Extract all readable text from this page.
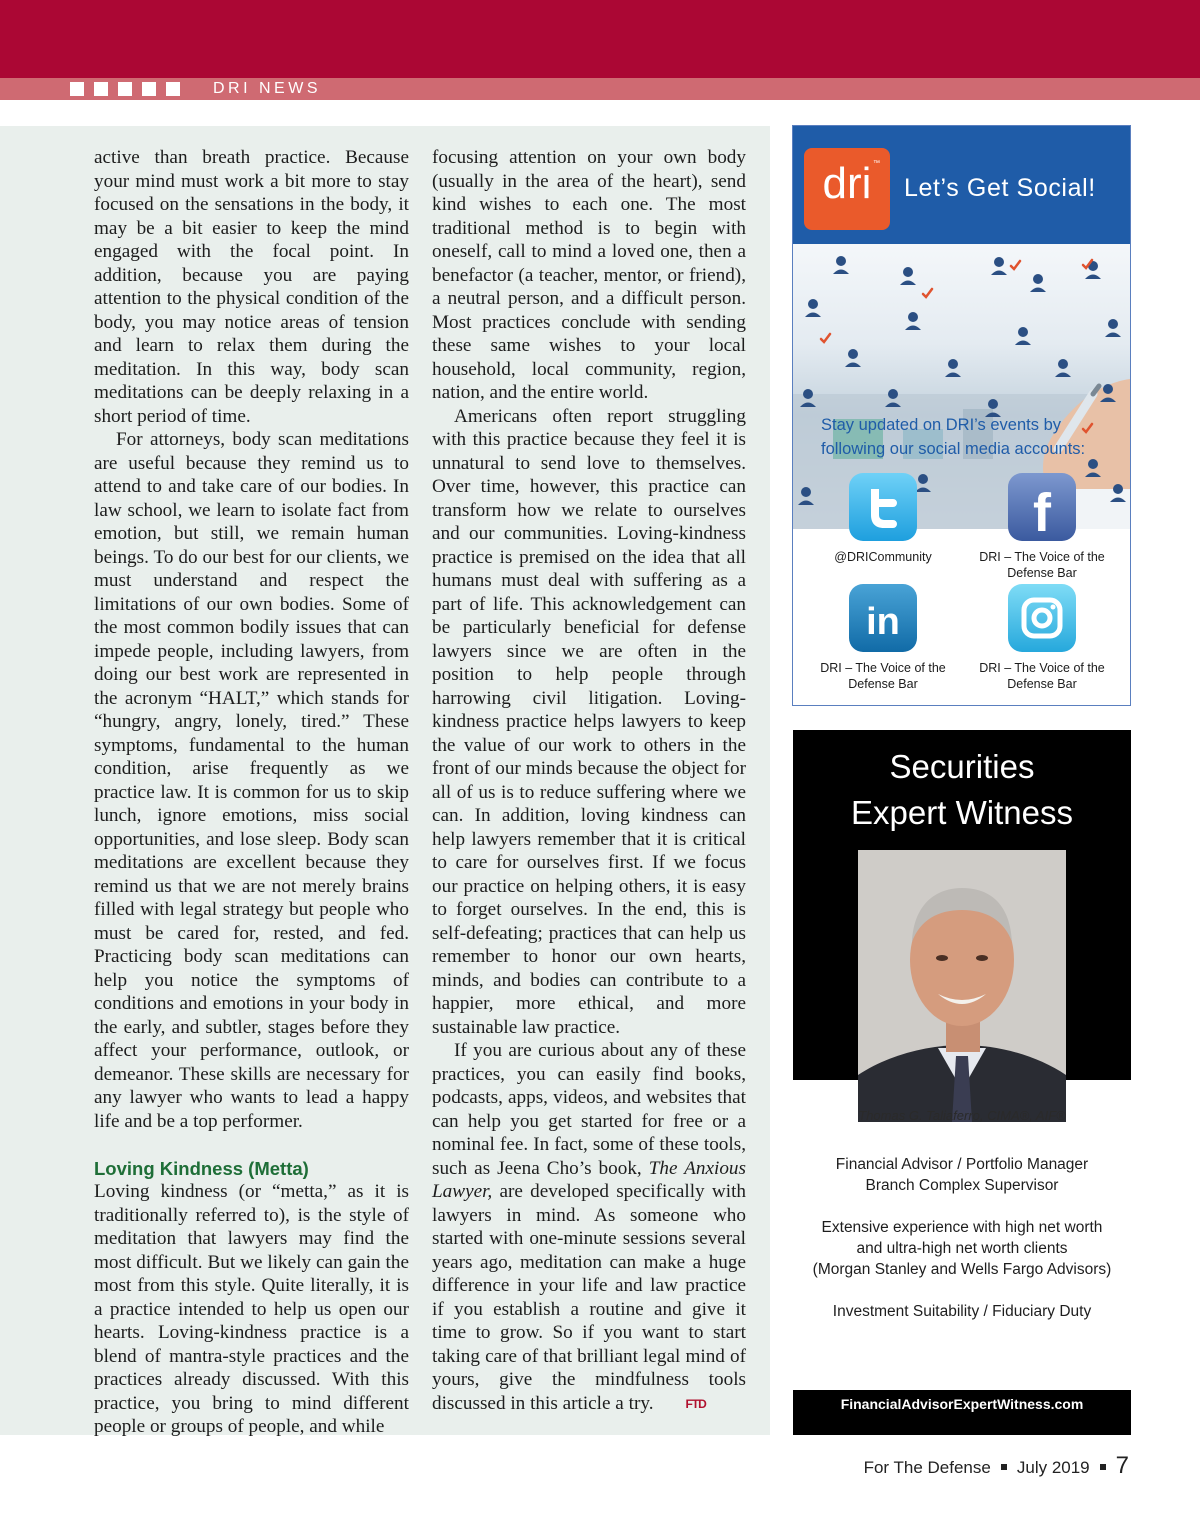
DRI NEWS

active than breath practice. Because your mind must work a bit more to stay focused on the sensations in the body, it may be a bit easier to keep the mind engaged with the focal point. In addition, because you are paying attention to the physical condition of the body, you may notice areas of tension and learn to relax them during the meditation. In this way, body scan meditations can be deeply relaxing in a short period of time.

For attorneys, body scan meditations are useful because they remind us to attend to and take care of our bodies. In law school, we learn to isolate fact from emotion, but still, we remain human beings. To do our best for our clients, we must understand and respect the limitations of our own bodies. Some of the most common bodily issues that can impede people, including lawyers, from doing our best work are represented in the acronym “HALT,” which stands for “hungry, angry, lonely, tired.” These symptoms, fundamental to the human condition, arise frequently as we practice law. It is common for us to skip lunch, ignore emotions, miss social opportunities, and lose sleep. Body scan meditations are excellent because they remind us that we are not merely brains filled with legal strategy but people who must be cared for, rested, and fed. Practicing body scan meditations can help you notice the symptoms of conditions and emotions in your body in the early, and subtler, stages before they affect your performance, outlook, or demeanor. These skills are necessary for any lawyer who wants to lead a happy life and be a top performer.

Loving Kindness (Metta)

Loving kindness (or “metta,” as it is traditionally referred to), is the style of meditation that lawyers may find the most difficult. But we likely can gain the most from this style. Quite literally, it is a practice intended to help us open our hearts. Loving-kindness practice is a blend of mantra-style practices and the practices already discussed. With this practice, you bring to mind different people or groups of people, and while

focusing attention on your own body (usually in the area of the heart), send kind wishes to each one. The most traditional method is to begin with oneself, call to mind a loved one, then a benefactor (a teacher, mentor, or friend), a neutral person, and a difficult person. Most practices conclude with sending these same wishes to your local household, local community, region, nation, and the entire world.

Americans often report struggling with this practice because they feel it is unnatural to send love to themselves. Over time, however, this practice can transform how we relate to ourselves and our communities. Loving-kindness practice is premised on the idea that all humans must deal with suffering as a part of life. This acknowledgement can be particularly beneficial for defense lawyers since we are often in the position to help people through harrowing civil litigation. Loving-kindness practice helps lawyers to keep the value of our work to others in the front of our minds because the object for all of us is to reduce suffering where we can. In addition, loving kindness can help lawyers remember that it is critical to care for ourselves first. If we focus our practice on helping others, it is easy to forget ourselves. In the end, this is self-defeating; practices that can help us remember to honor our own hearts, minds, and bodies can contribute to a happier, more ethical, and more sustainable law practice.

If you are curious about any of these practices, you can easily find books, podcasts, apps, videos, and websites that can help you get started for free or a nominal fee. In fact, some of these tools, such as Jeena Cho’s book, The Anxious Lawyer, are developed specifically with lawyers in mind. As someone who started with one-minute sessions several years ago, meditation can make a huge difference in your life and law practice if you establish a routine and give it time to grow. So if you want to start taking care of that brilliant legal mind of yours, give the mindfulness tools discussed in this article a try.	FTD

dri ™
Let’s Get Social!
Stay updated on DRI’s events by following our social media accounts:
@DRICommunity
f
DRI – The Voice of the Defense Bar
in
DRI – The Voice of the Defense Bar
DRI – The Voice of the Defense Bar
Securities
Expert Witness
Thomas G. Taliaferro, CIMA®, AIF®
Financial Advisor / Portfolio Manager
Branch Complex Supervisor
Extensive experience with high net worth
and ultra-high net worth clients
(Morgan Stanley and Wells Fargo Advisors)
Investment Suitability / Fiduciary Duty
FinancialAdvisorExpertWitness.com
For The Defense July 2019 7
